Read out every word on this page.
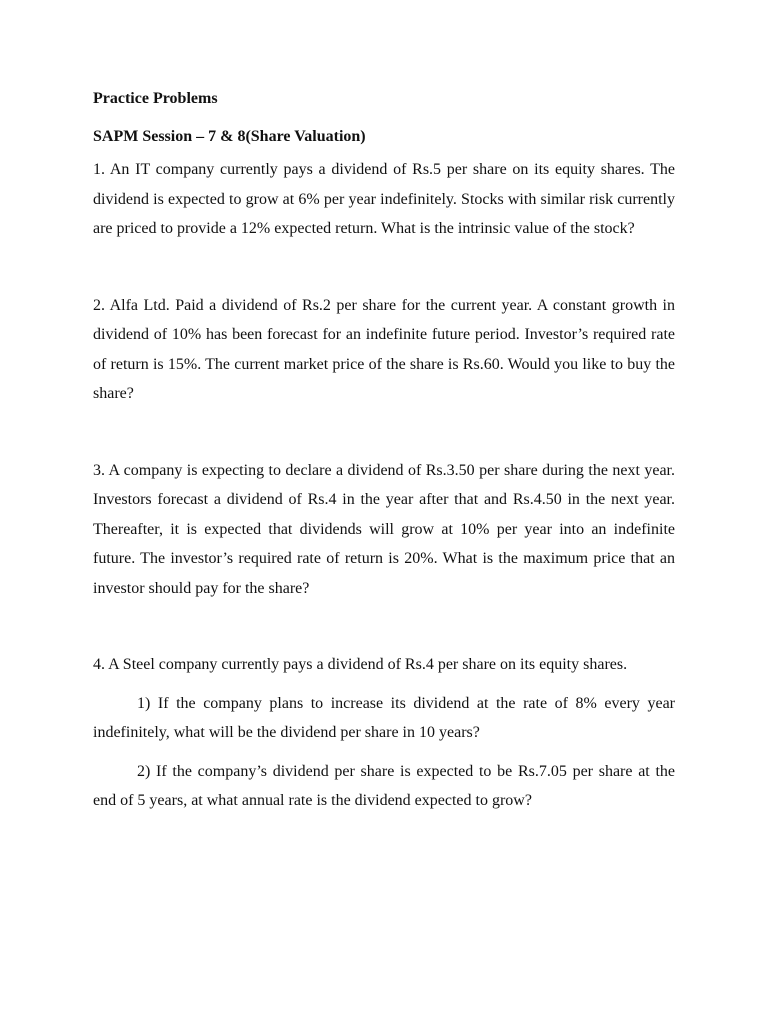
Practice Problems

SAPM Session – 7 & 8(Share Valuation)

1. An IT company currently pays a dividend of Rs.5 per share on its equity shares. The dividend is expected to grow at 6% per year indefinitely. Stocks with similar risk currently are priced to provide a 12% expected return. What is the intrinsic value of the stock?

2. Alfa Ltd. Paid a dividend of Rs.2 per share for the current year. A constant growth in dividend of 10% has been forecast for an indefinite future period. Investor’s required rate of return is 15%. The current market price of the share is Rs.60. Would you like to buy the share?

3. A company is expecting to declare a dividend of Rs.3.50 per share during the next year. Investors forecast a dividend of Rs.4 in the year after that and Rs.4.50 in the next year. Thereafter, it is expected that dividends will grow at 10% per year into an indefinite future. The investor’s required rate of return is 20%. What is the maximum price that an investor should pay for the share?

4. A Steel company currently pays a dividend of Rs.4 per share on its equity shares.

1) If the company plans to increase its dividend at the rate of 8% every year indefinitely, what will be the dividend per share in 10 years?

2) If the company’s dividend per share is expected to be Rs.7.05 per share at the end of 5 years, at what annual rate is the dividend expected to grow?
